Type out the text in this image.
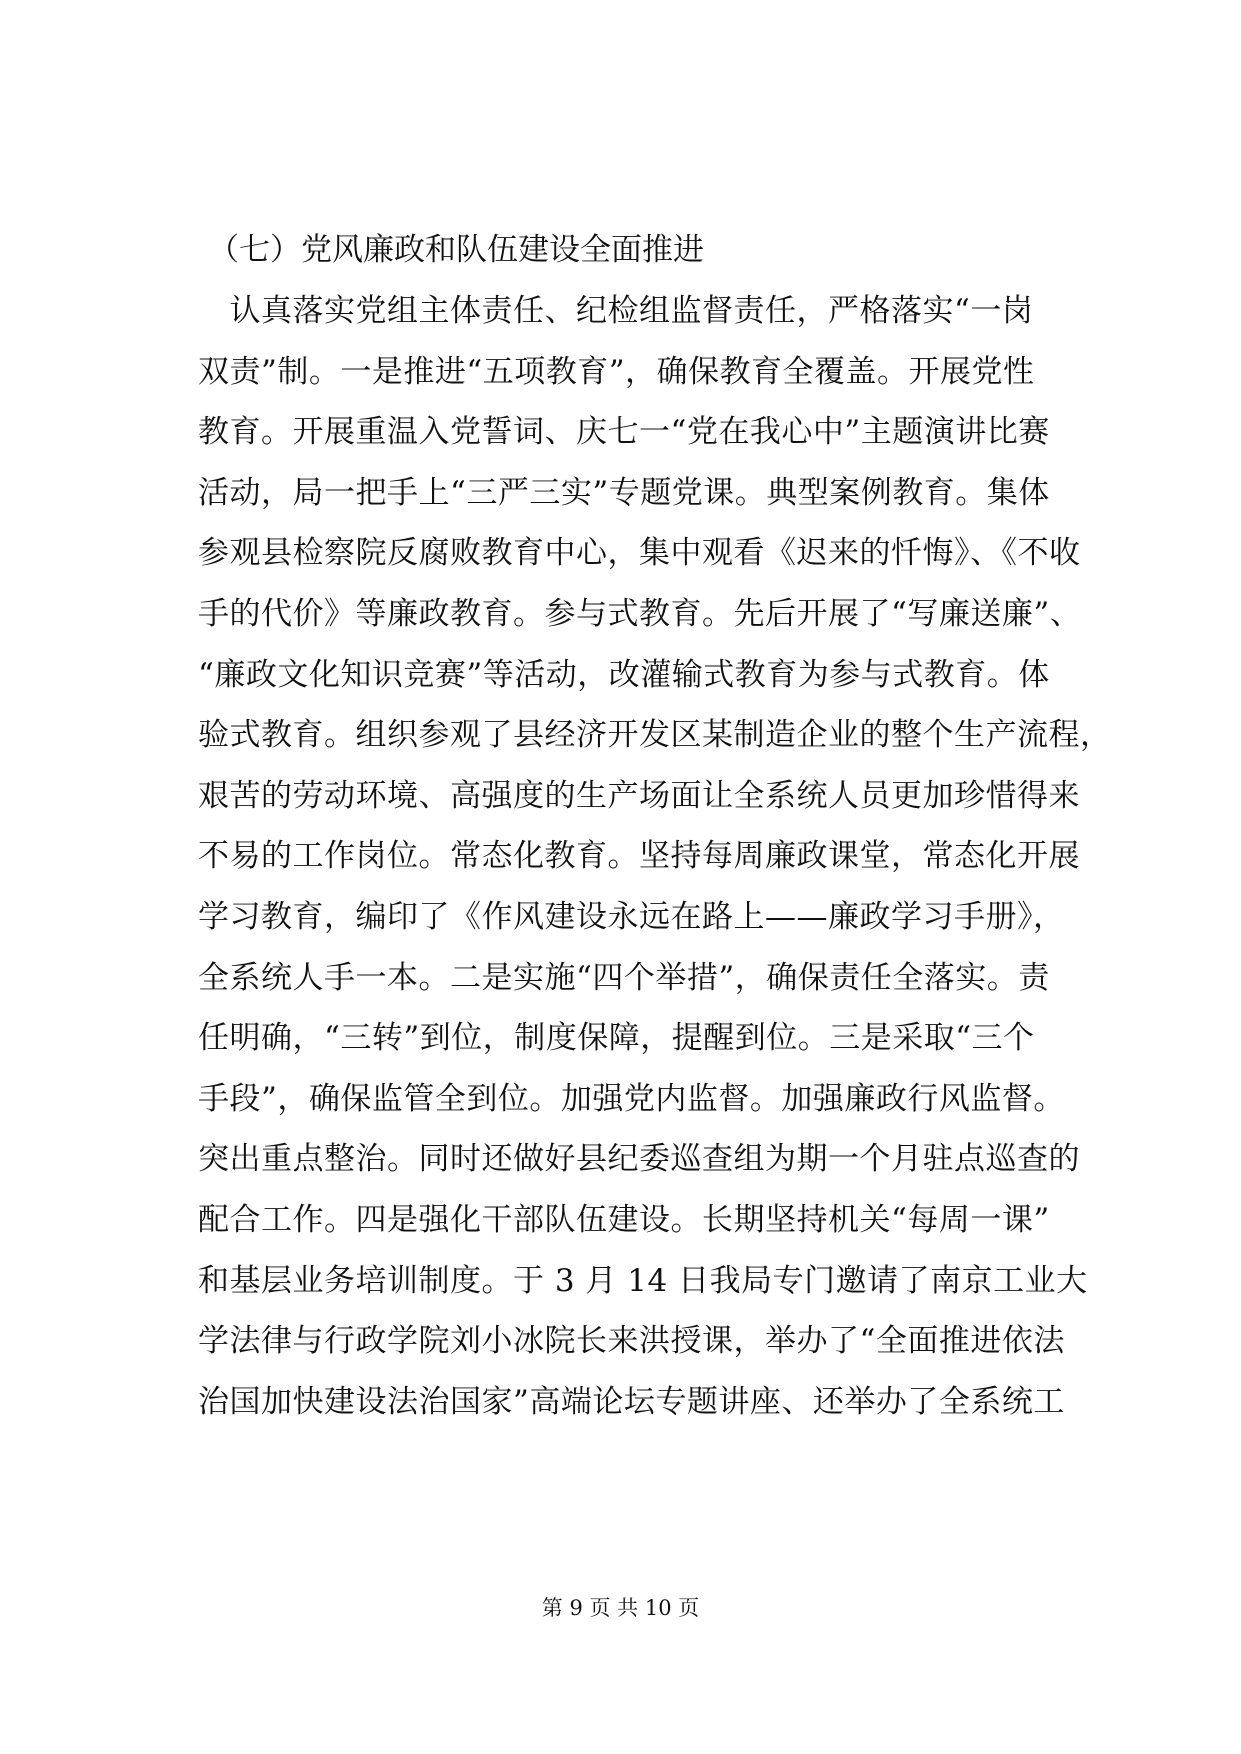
（七）党风廉政和队伍建设全面推进
　认真落实党组主体责任、纪检组监督责任，严格落实“一岗
双责”制。一是推进“五项教育”，确保教育全覆盖。开展党性
教育。开展重温入党誓词、庆七一“党在我心中”主题演讲比赛
活动，局一把手上“三严三实”专题党课。典型案例教育。集体
参观县检察院反腐败教育中心，集中观看《迟来的忏悔》、《不收
手的代价》等廉政教育。参与式教育。先后开展了“写廉送廉”、
“廉政文化知识竞赛”等活动，改灌输式教育为参与式教育。体
验式教育。组织参观了县经济开发区某制造企业的整个生产流程，
艰苦的劳动环境、高强度的生产场面让全系统人员更加珍惜得来
不易的工作岗位。常态化教育。坚持每周廉政课堂，常态化开展
学习教育，编印了《作风建设永远在路上——廉政学习手册》，
全系统人手一本。二是实施“四个举措”，确保责任全落实。责
任明确，“三转”到位，制度保障，提醒到位。三是采取“三个
手段”，确保监管全到位。加强党内监督。加强廉政行风监督。
突出重点整治。同时还做好县纪委巡查组为期一个月驻点巡查的
配合工作。四是强化干部队伍建设。长期坚持机关“每周一课”
和基层业务培训制度。于 3 月 14 日我局专门邀请了南京工业大
学法律与行政学院刘小冰院长来洪授课，举办了“全面推进依法
治国加快建设法治国家”高端论坛专题讲座、还举办了全系统工
第 9 页 共 10 页
